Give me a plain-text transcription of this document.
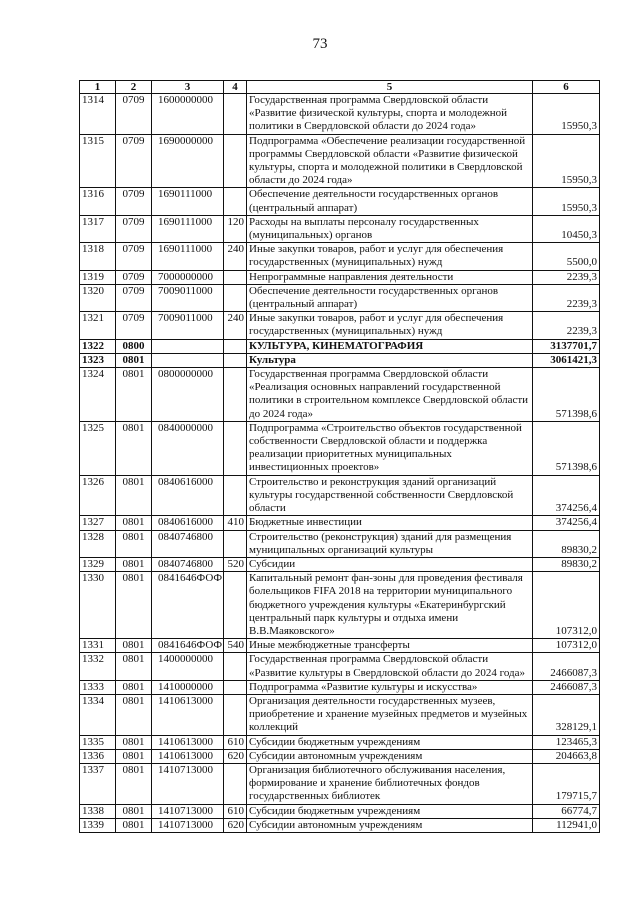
73
1	2	3	4	5	6
1314	0709	1600000000		Государственная программа Свердловской области «Развитие физической культуры, спорта и молодежной политики в Свердловской области до 2024 года»	15950,3
1315	0709	1690000000		Подпрограмма «Обеспечение реализации государственной программы Свердловской области «Развитие физической культуры, спорта и молодежной политики в Свердловской области до 2024 года»	15950,3
1316	0709	1690111000		Обеспечение деятельности государственных органов (центральный аппарат)	15950,3
1317	0709	1690111000	120	Расходы на выплаты персоналу государственных (муниципальных) органов	10450,3
1318	0709	1690111000	240	Иные закупки товаров, работ и услуг для обеспечения государственных (муниципальных) нужд	5500,0
1319	0709	7000000000		Непрограммные направления деятельности	2239,3
1320	0709	7009011000		Обеспечение деятельности государственных органов (центральный аппарат)	2239,3
1321	0709	7009011000	240	Иные закупки товаров, работ и услуг для обеспечения государственных (муниципальных) нужд	2239,3
1322	0800			КУЛЬТУРА, КИНЕМАТОГРАФИЯ	3137701,7
1323	0801			Культура	3061421,3
1324	0801	0800000000		Государственная программа Свердловской области «Реализация основных направлений государственной политики в строительном комплексе Свердловской области до 2024 года»	571398,6
1325	0801	0840000000		Подпрограмма «Строительство объектов государственной собственности Свердловской области и поддержка реализации приоритетных муниципальных инвестиционных проектов»	571398,6
1326	0801	0840616000		Строительство и реконструкция зданий организаций культуры государственной собственности Свердловской области	374256,4
1327	0801	0840616000	410	Бюджетные инвестиции	374256,4
1328	0801	0840746800		Строительство (реконструкция) зданий для размещения муниципальных организаций культуры	89830,2
1329	0801	0840746800	520	Субсидии	89830,2
1330	0801	0841646ФОФ		Капитальный ремонт фан-зоны для проведения фестиваля болельщиков FIFA 2018 на территории муниципального бюджетного учреждения культуры «Екатеринбургский центральный парк культуры и отдыха имени В.В.Маяковского»	107312,0
1331	0801	0841646ФОФ	540	Иные межбюджетные трансферты	107312,0
1332	0801	1400000000		Государственная программа Свердловской области «Развитие культуры в Свердловской области до 2024 года»	2466087,3
1333	0801	1410000000		Подпрограмма «Развитие культуры и искусства»	2466087,3
1334	0801	1410613000		Организация деятельности государственных музеев, приобретение и хранение музейных предметов и музейных коллекций	328129,1
1335	0801	1410613000	610	Субсидии бюджетным учреждениям	123465,3
1336	0801	1410613000	620	Субсидии автономным учреждениям	204663,8
1337	0801	1410713000		Организация библиотечного обслуживания населения, формирование и хранение библиотечных фондов государственных библиотек	179715,7
1338	0801	1410713000	610	Субсидии бюджетным учреждениям	66774,7
1339	0801	1410713000	620	Субсидии автономным учреждениям	112941,0
